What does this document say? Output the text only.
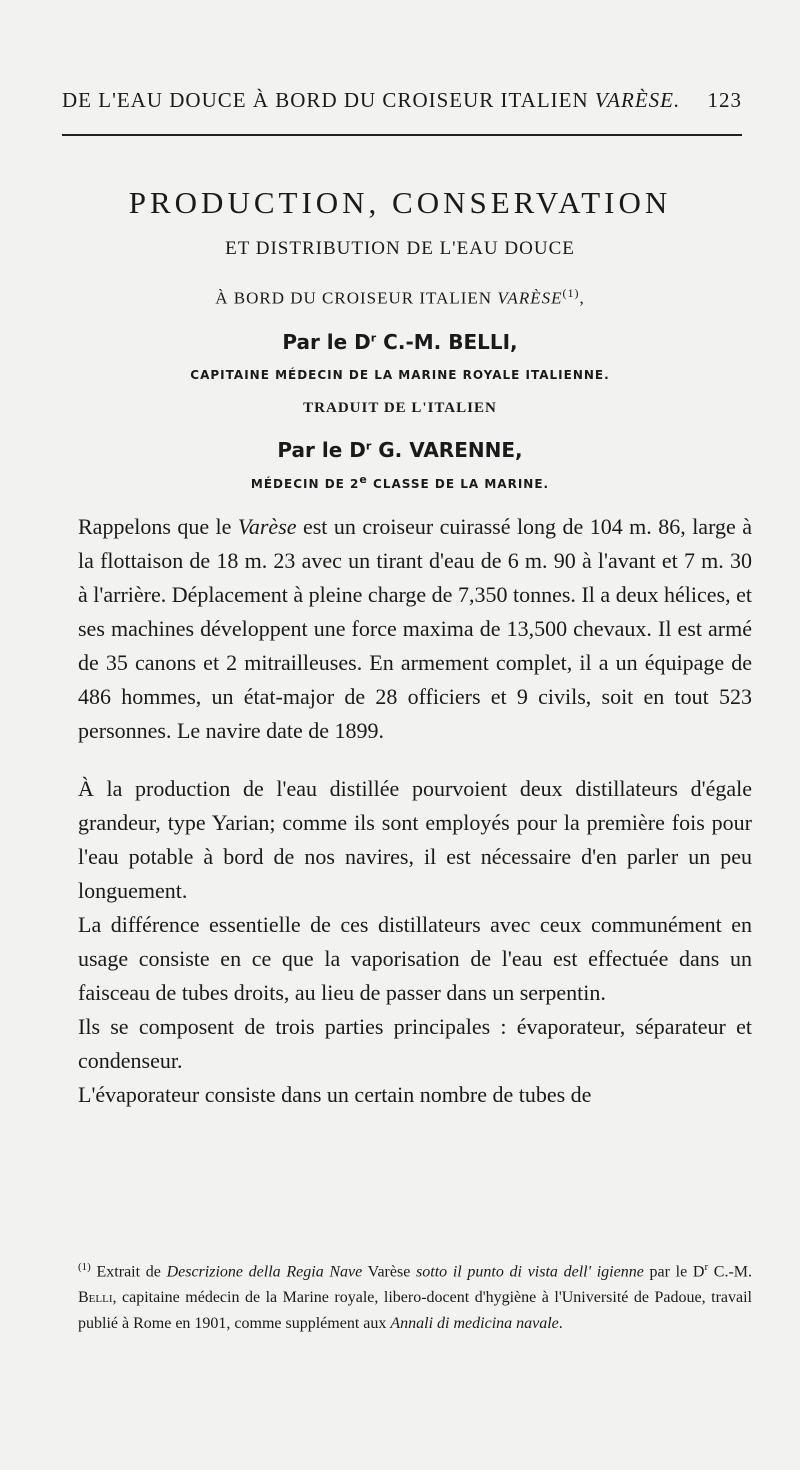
DE L'EAU DOUCE À BORD DU CROISEUR ITALIEN VARÈSE. 123
PRODUCTION, CONSERVATION
ET DISTRIBUTION DE L'EAU DOUCE
À BORD DU CROISEUR ITALIEN VARÈSE$^{(1)}$,
Par le $D^r$ C.-M. BELLI,
CAPITAINE MÉDECIN DE LA MARINE ROYALE ITALIENNE.
TRADUIT DE L'ITALIEN
Par le $D^r$ G. VARENNE,
MÉDECIN DE 2e CLASSE DE LA MARINE.

Rappelons que le Varèse est un croiseur cuirassé long de 104 m. 86, large à la flottaison de 18 m. 23 avec un tirant d'eau de 6 m. 90 à l'avant et 7 m. 30 à l'arrière. Déplacement à pleine charge de 7,350 tonnes. Il a deux hélices, et ses machines développent une force maxima de 13,500 chevaux. Il est armé de 35 canons et 2 mitrailleuses. En armement complet, il a un équipage de 486 hommes, un état-major de 28 officiers et 9 civils, soit en tout 523 personnes. Le navire date de 1899.

À la production de l'eau distillée pourvoient deux distillateurs d'égale grandeur, type Yarian; comme ils sont employés pour la première fois pour l'eau potable à bord de nos navires, il est nécessaire d'en parler un peu longuement.

La différence essentielle de ces distillateurs avec ceux communément en usage consiste en ce que la vaporisation de l'eau est effectuée dans un faisceau de tubes droits, au lieu de passer dans un serpentin.

Ils se composent de trois parties principales : évaporateur, séparateur et condenseur.

L'évaporateur consiste dans un certain nombre de tubes de

$^{(1)}$ Extrait de Descrizione della Regia Nave Varèse sotto il punto di vista dell' igienne par le $D^r$ C.-M. Belli, capitaine médecin de la Marine royale, libero-docent d'hygiène à l'Université de Padoue, travail publié à Rome en 1901, comme supplément aux Annali di medicina navale.
